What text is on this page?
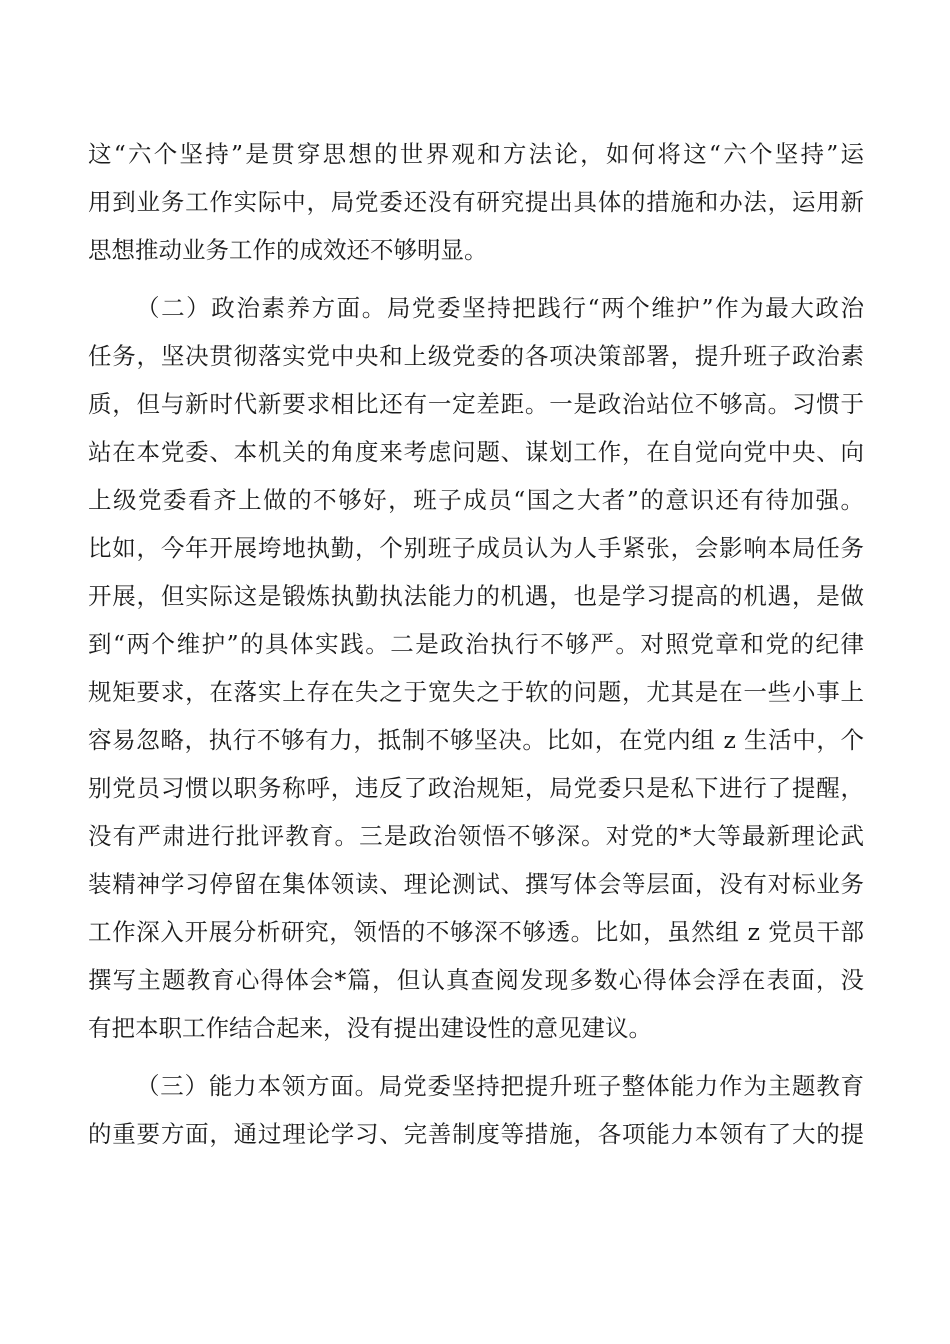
这“六个坚持”是贯穿思想的世界观和方法论，如何将这“六个坚持”运
用到业务工作实际中，局党委还没有研究提出具体的措施和办法，运用新
思想推动业务工作的成效还不够明显。
（二）政治素养方面。局党委坚持把践行“两个维护”作为最大政治
任务，坚决贯彻落实党中央和上级党委的各项决策部署，提升班子政治素
质，但与新时代新要求相比还有一定差距。一是政治站位不够高。习惯于
站在本党委、本机关的角度来考虑问题、谋划工作，在自觉向党中央、向
上级党委看齐上做的不够好，班子成员“国之大者”的意识还有待加强。
比如，今年开展垮地执勤，个别班子成员认为人手紧张，会影响本局任务
开展，但实际这是锻炼执勤执法能力的机遇，也是学习提高的机遇，是做
到“两个维护”的具体实践。二是政治执行不够严。对照党章和党的纪律
规矩要求，在落实上存在失之于宽失之于软的问题，尤其是在一些小事上
容易忽略，执行不够有力，抵制不够坚决。比如，在党内组 z 生活中，个
别党员习惯以职务称呼，违反了政治规矩，局党委只是私下进行了提醒，
没有严肃进行批评教育。三是政治领悟不够深。对党的*大等最新理论武
装精神学习停留在集体领读、理论测试、撰写体会等层面，没有对标业务
工作深入开展分析研究，领悟的不够深不够透。比如，虽然组 z 党员干部
撰写主题教育心得体会*篇，但认真查阅发现多数心得体会浮在表面，没
有把本职工作结合起来，没有提出建设性的意见建议。
（三）能力本领方面。局党委坚持把提升班子整体能力作为主题教育
的重要方面，通过理论学习、完善制度等措施，各项能力本领有了大的提
